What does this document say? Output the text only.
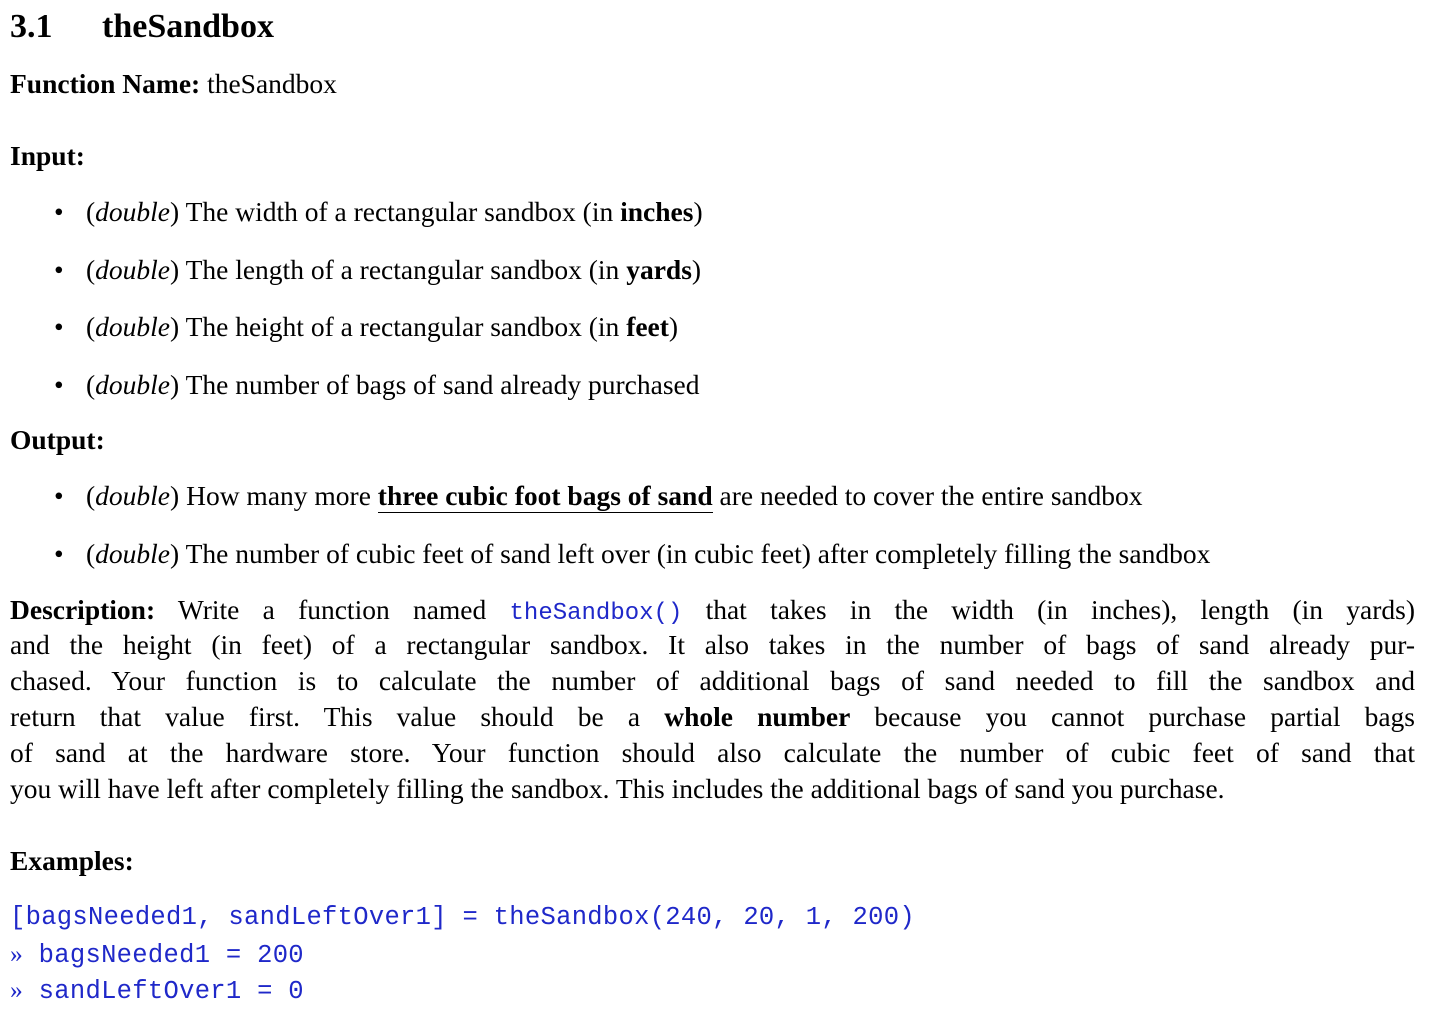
3.1 theSandbox
Function Name: theSandbox
Input:
• (double) The width of a rectangular sandbox (in inches)
• (double) The length of a rectangular sandbox (in yards)
• (double) The height of a rectangular sandbox (in feet)
• (double) The number of bags of sand already purchased
Output:
• (double) How many more three cubic foot bags of sand are needed to cover the entire sandbox
• (double) The number of cubic feet of sand left over (in cubic feet) after completely filling the sandbox
Description: Write a function named theSandbox() that takes in the width (in inches), length (in yards)
and the height (in feet) of a rectangular sandbox. It also takes in the number of bags of sand already pur-
chased. Your function is to calculate the number of additional bags of sand needed to fill the sandbox and
return that value first. This value should be a whole number because you cannot purchase partial bags
of sand at the hardware store. Your function should also calculate the number of cubic feet of sand that
you will have left after completely filling the sandbox. This includes the additional bags of sand you purchase.
Examples:
[bagsNeeded1, sandLeftOver1] = theSandbox(240, 20, 1, 200)
» bagsNeeded1 = 200
» sandLeftOver1 = 0
